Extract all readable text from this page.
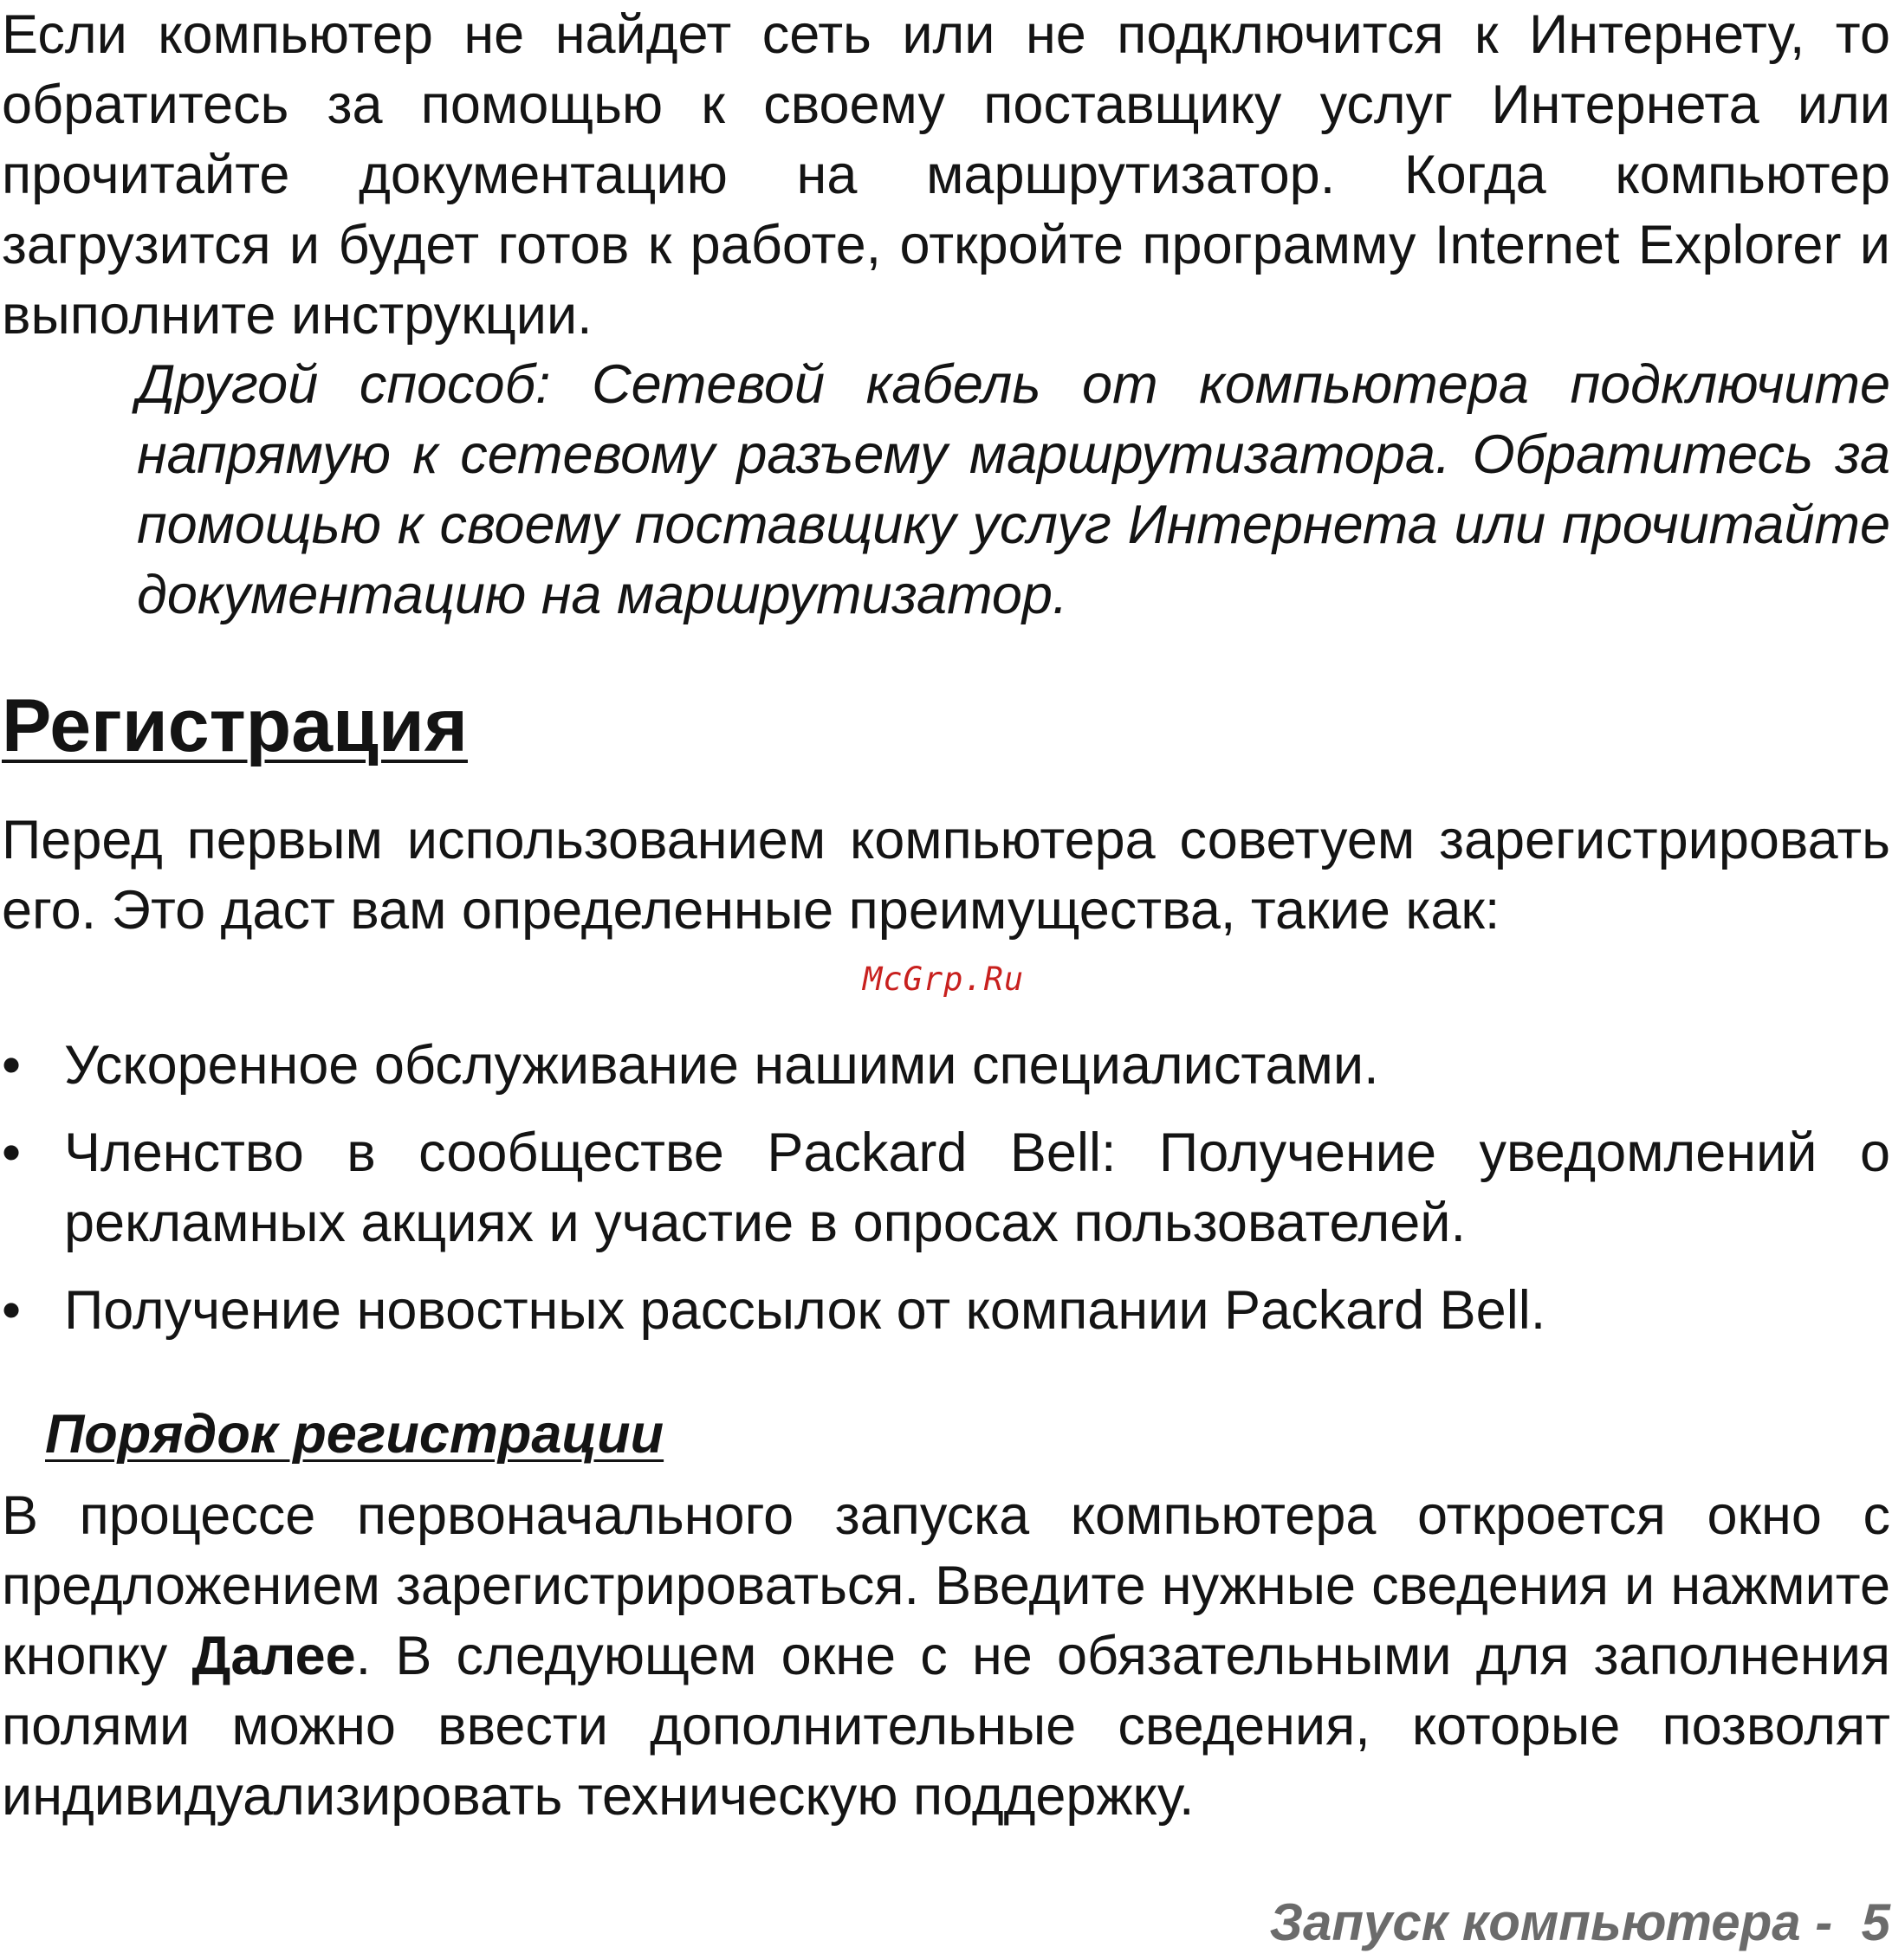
Если компьютер не найдет сеть или не подключится к Интернету, то обратитесь за помощью к своему поставщику услуг Интернета или прочитайте документацию на маршрутизатор. Когда компьютер загрузится и будет готов к работе, откройте программу Internet Explorer и выполните инструкции.

Другой способ: Сетевой кабель от компьютера подключите напрямую к сетевому разъему маршрутизатора. Обратитесь за помощью к своему поставщику услуг Интернета или прочитайте документацию на маршрутизатор.

Регистрация

Перед первым использованием компьютера советуем зарегистрировать его. Это даст вам определенные преимущества, такие как:

McGrp.Ru
• Ускоренное обслуживание нашими специалистами.
• Членство в сообществе Packard Bell: Получение уведомлений о рекламных акциях и участие в опросах пользователей.
• Получение новостных рассылок от компании Packard Bell.
Порядок регистрации

В процессе первоначального запуска компьютера откроется окно с предложением зарегистрироваться. Введите нужные сведения и нажмите кнопку Далее. В следующем окне с не обязательными для заполнения полями можно ввести дополнительные сведения, которые позволят индивидуализировать техническую поддержку.

Запуск компьютера - 5
